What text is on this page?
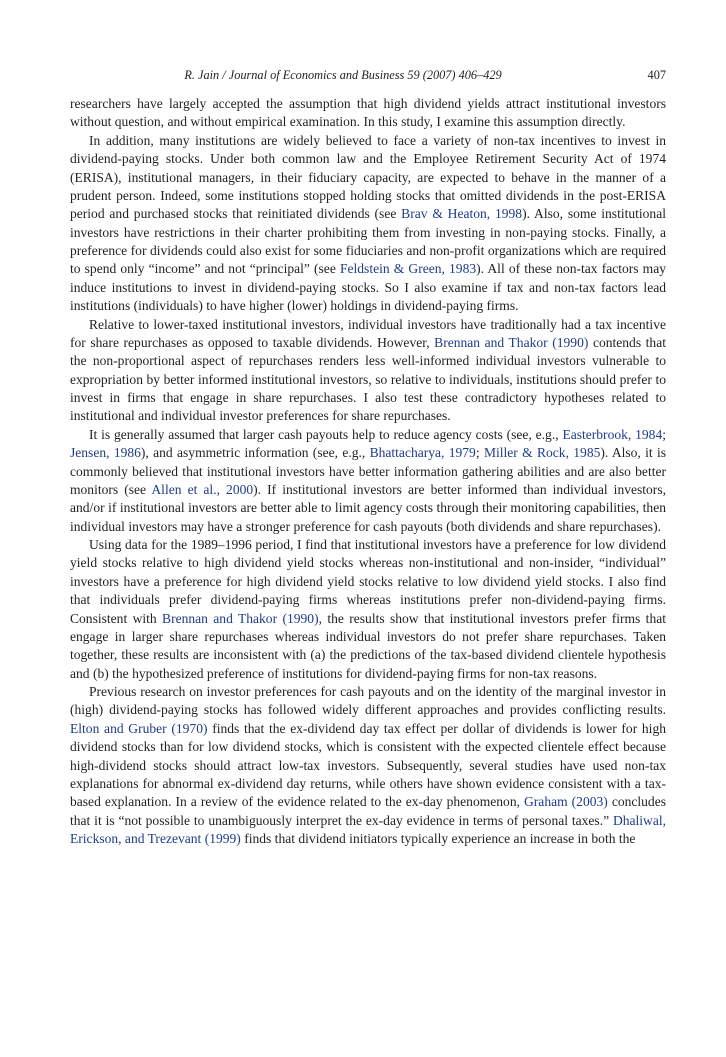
R. Jain / Journal of Economics and Business 59 (2007) 406–429	407

researchers have largely accepted the assumption that high dividend yields attract institutional investors without question, and without empirical examination. In this study, I examine this assumption directly.

In addition, many institutions are widely believed to face a variety of non-tax incentives to invest in dividend-paying stocks. Under both common law and the Employee Retirement Security Act of 1974 (ERISA), institutional managers, in their fiduciary capacity, are expected to behave in the manner of a prudent person. Indeed, some institutions stopped holding stocks that omitted dividends in the post-ERISA period and purchased stocks that reinitiated dividends (see Brav & Heaton, 1998). Also, some institutional investors have restrictions in their charter prohibiting them from investing in non-paying stocks. Finally, a preference for dividends could also exist for some fiduciaries and non-profit organizations which are required to spend only “income” and not “principal” (see Feldstein & Green, 1983). All of these non-tax factors may induce institutions to invest in dividend-paying stocks. So I also examine if tax and non-tax factors lead institutions (individuals) to have higher (lower) holdings in dividend-paying firms.

Relative to lower-taxed institutional investors, individual investors have traditionally had a tax incentive for share repurchases as opposed to taxable dividends. However, Brennan and Thakor (1990) contends that the non-proportional aspect of repurchases renders less well-informed individual investors vulnerable to expropriation by better informed institutional investors, so relative to individuals, institutions should prefer to invest in firms that engage in share repurchases. I also test these contradictory hypotheses related to institutional and individual investor preferences for share repurchases.

It is generally assumed that larger cash payouts help to reduce agency costs (see, e.g., Easterbrook, 1984; Jensen, 1986), and asymmetric information (see, e.g., Bhattacharya, 1979; Miller & Rock, 1985). Also, it is commonly believed that institutional investors have better information gathering abilities and are also better monitors (see Allen et al., 2000). If institutional investors are better informed than individual investors, and/or if institutional investors are better able to limit agency costs through their monitoring capabilities, then individual investors may have a stronger preference for cash payouts (both dividends and share repurchases).

Using data for the 1989–1996 period, I find that institutional investors have a preference for low dividend yield stocks relative to high dividend yield stocks whereas non-institutional and non-insider, “individual” investors have a preference for high dividend yield stocks relative to low dividend yield stocks. I also find that individuals prefer dividend-paying firms whereas institutions prefer non-dividend-paying firms. Consistent with Brennan and Thakor (1990), the results show that institutional investors prefer firms that engage in larger share repurchases whereas individual investors do not prefer share repurchases. Taken together, these results are inconsistent with (a) the predictions of the tax-based dividend clientele hypothesis and (b) the hypothesized preference of institutions for dividend-paying firms for non-tax reasons.

Previous research on investor preferences for cash payouts and on the identity of the marginal investor in (high) dividend-paying stocks has followed widely different approaches and provides conflicting results. Elton and Gruber (1970) finds that the ex-dividend day tax effect per dollar of dividends is lower for high dividend stocks than for low dividend stocks, which is consistent with the expected clientele effect because high-dividend stocks should attract low-tax investors. Subsequently, several studies have used non-tax explanations for abnormal ex-dividend day returns, while others have shown evidence consistent with a tax-based explanation. In a review of the evidence related to the ex-day phenomenon, Graham (2003) concludes that it is “not possible to unambiguously interpret the ex-day evidence in terms of personal taxes.” Dhaliwal, Erickson, and Trezevant (1999) finds that dividend initiators typically experience an increase in both the
